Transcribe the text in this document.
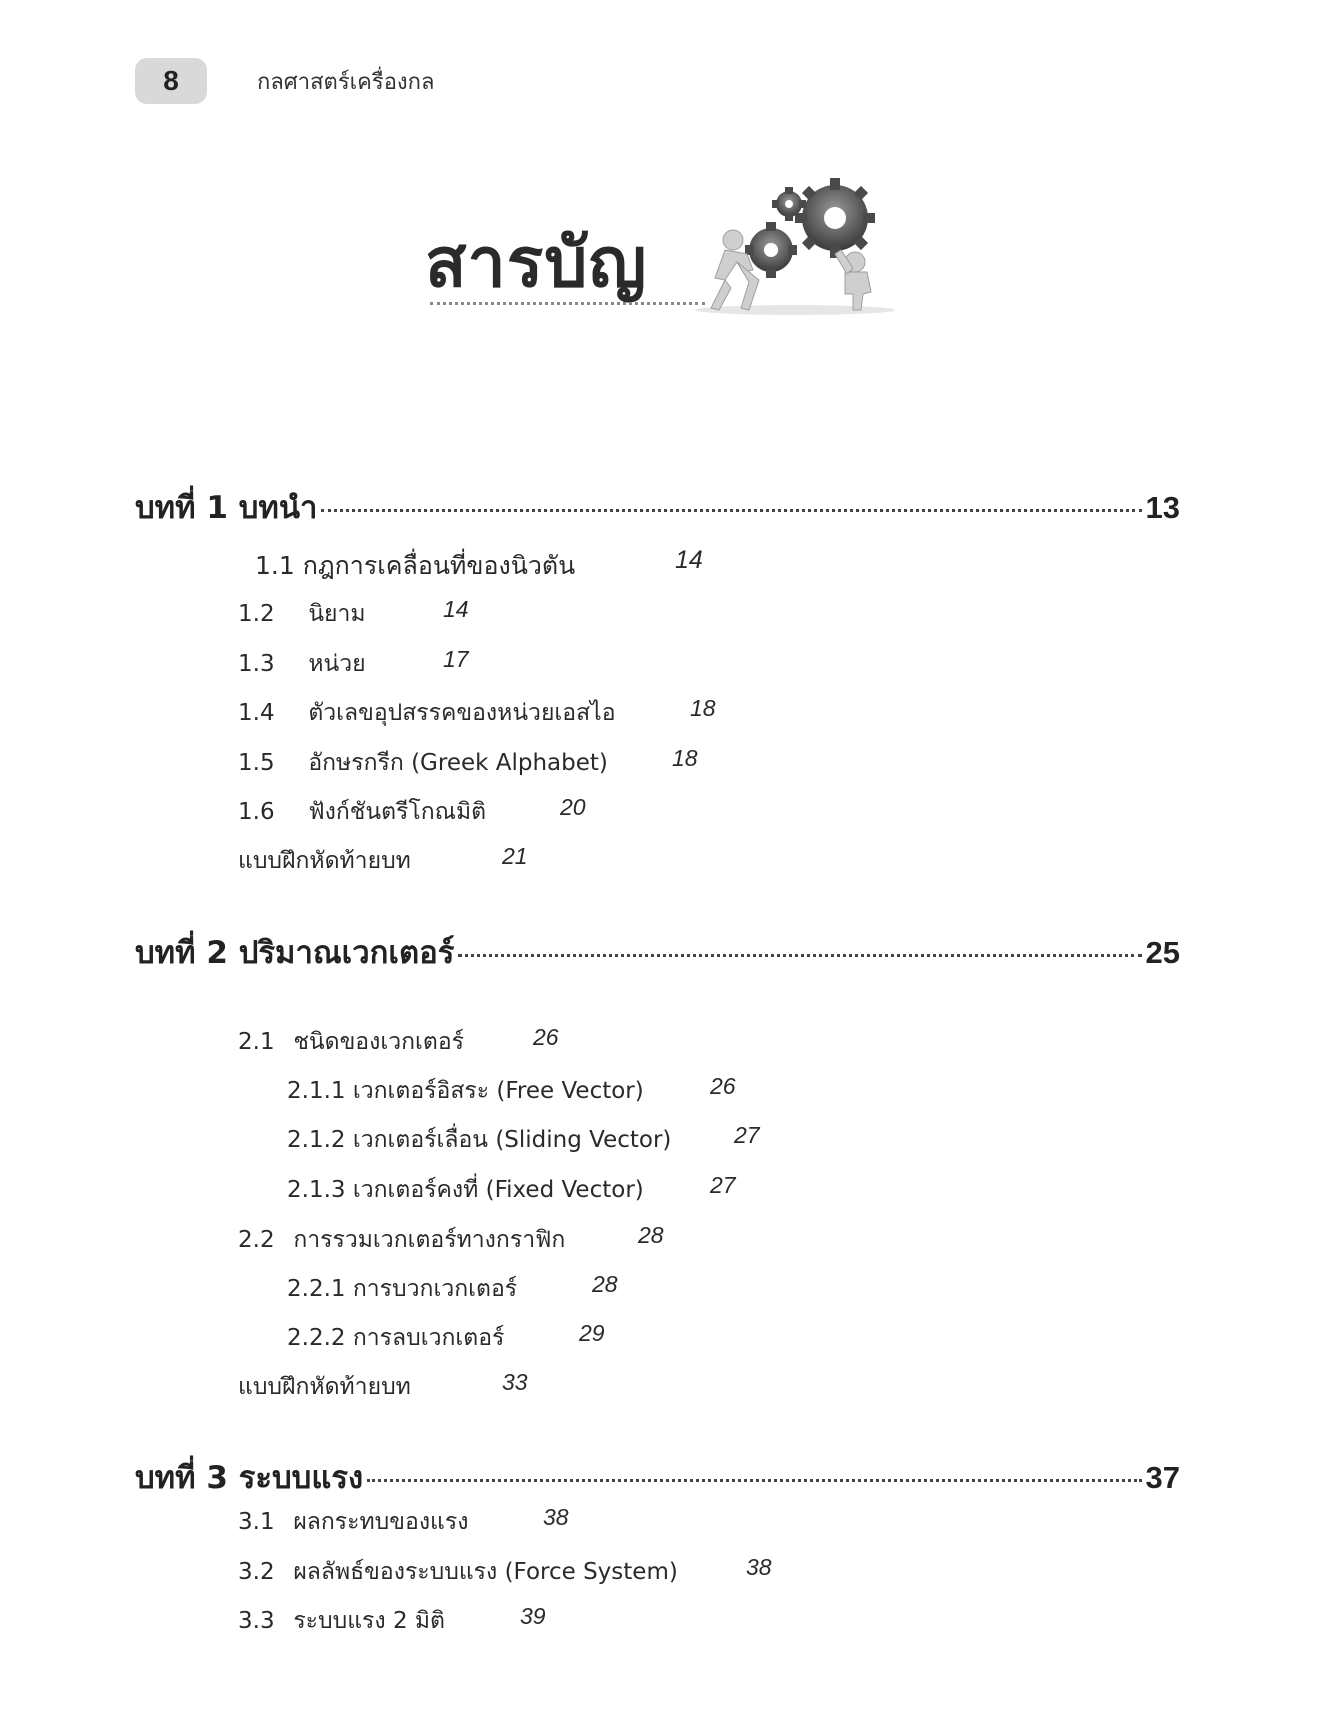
8	กลศาสตร์เครื่องกล
สารบัญ
บทที่ 1 บทนำ	13
1.1 กฎการเคลื่อนที่ของนิวตัน	14
1.2 นิยาม	14
1.3 หน่วย	17
1.4 ตัวเลขอุปสรรคของหน่วยเอสไอ	18
1.5 อักษรกรีก (Greek Alphabet)	18
1.6 ฟังก์ชันตรีโกณมิติ	20
แบบฝึกหัดท้ายบท	21
บทที่ 2 ปริมาณเวกเตอร์	25
2.1 ชนิดของเวกเตอร์	26
2.1.1 เวกเตอร์อิสระ (Free Vector)	26
2.1.2 เวกเตอร์เลื่อน (Sliding Vector)	27
2.1.3 เวกเตอร์คงที่ (Fixed Vector)	27
2.2 การรวมเวกเตอร์ทางกราฟิก	28
2.2.1 การบวกเวกเตอร์	28
2.2.2 การลบเวกเตอร์	29
แบบฝึกหัดท้ายบท	33
บทที่ 3 ระบบแรง	37
3.1 ผลกระทบของแรง	38
3.2 ผลลัพธ์ของระบบแรง (Force System)	38
3.3 ระบบแรง 2 มิติ	39
